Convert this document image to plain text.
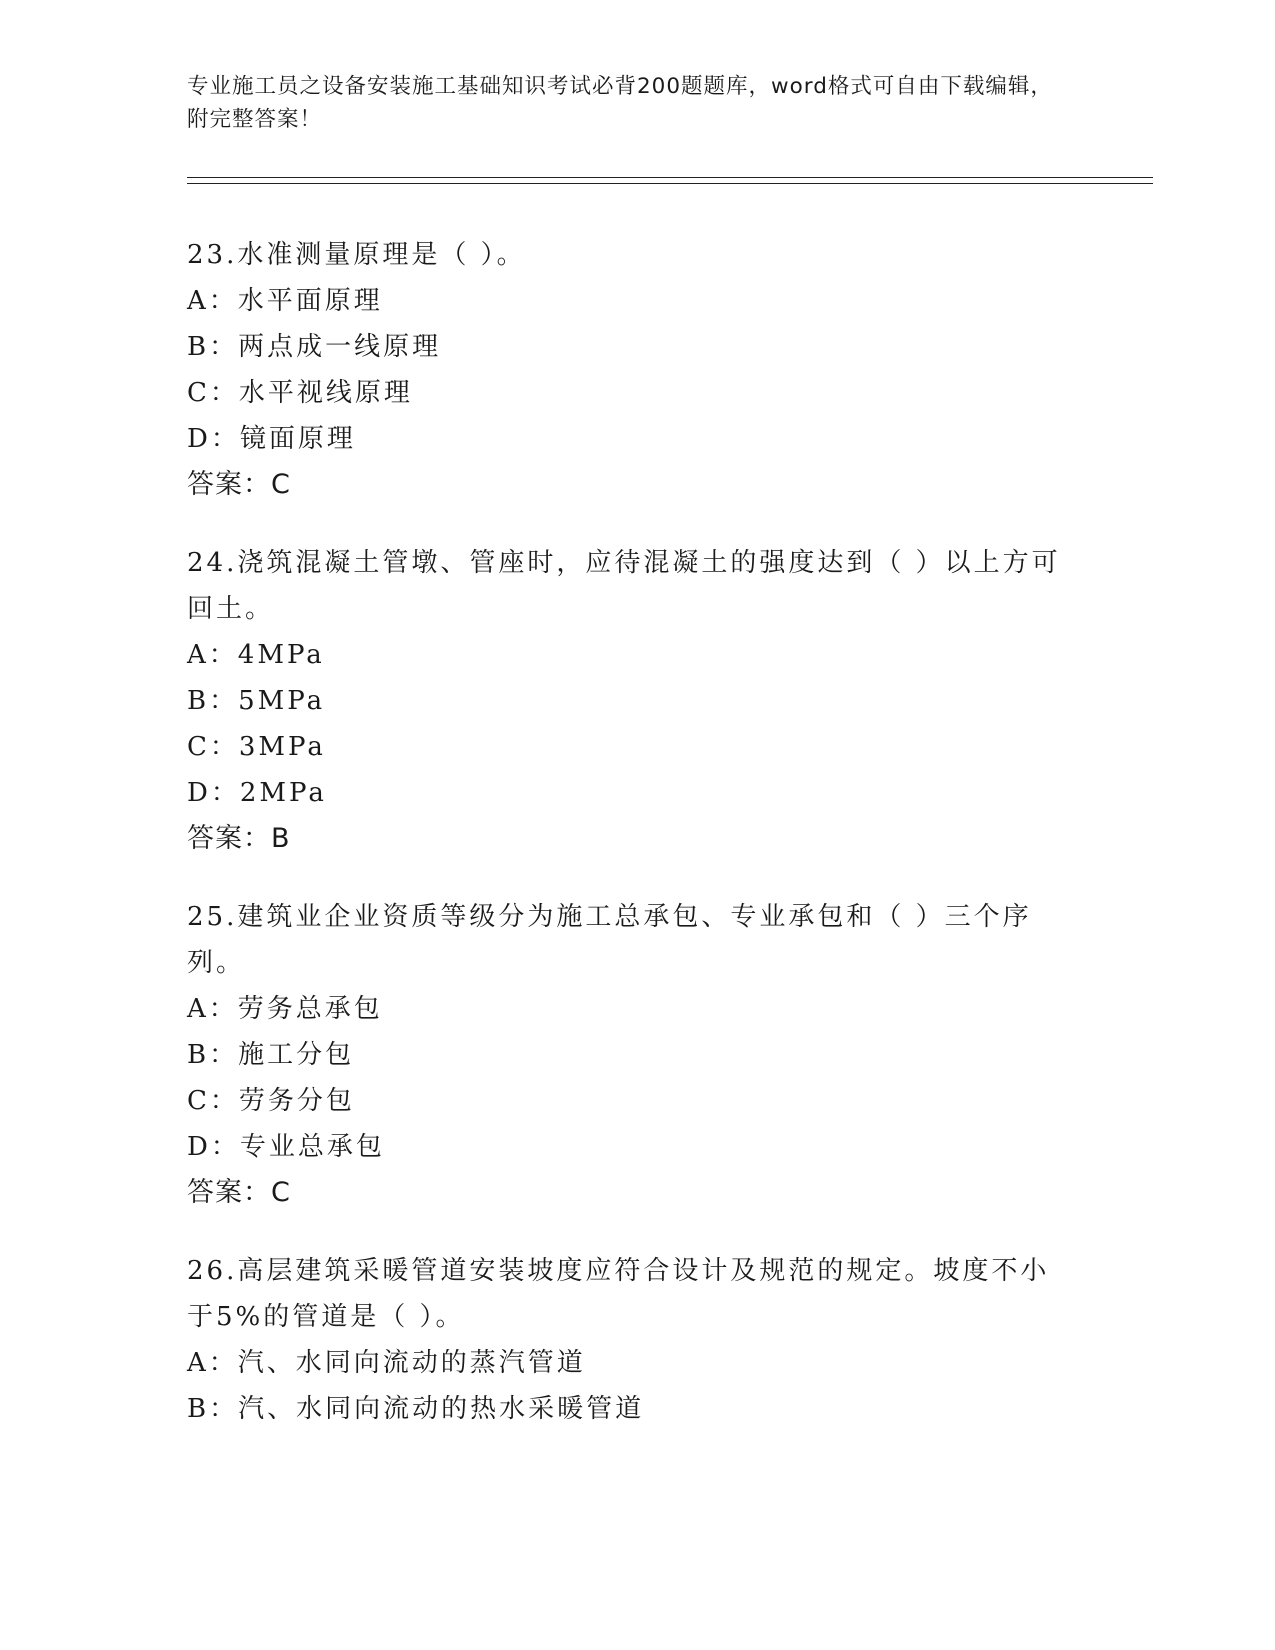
专业施工员之设备安装施工基础知识考试必背200题题库，word格式可自由下载编辑，附完整答案！
23.水准测量原理是（ ）。
A：水平面原理
B：两点成一线原理
C：水平视线原理
D：镜面原理
答案：C
24.浇筑混凝土管墩、管座时，应待混凝土的强度达到（ ）以上方可回土。
A：4MPa
B：5MPa
C：3MPa
D：2MPa
答案：B
25.建筑业企业资质等级分为施工总承包、专业承包和（ ）三个序列。
A：劳务总承包
B：施工分包
C：劳务分包
D：专业总承包
答案：C
26.高层建筑采暖管道安装坡度应符合设计及规范的规定。坡度不小于5%的管道是（ ）。
A：汽、水同向流动的蒸汽管道
B：汽、水同向流动的热水采暖管道
